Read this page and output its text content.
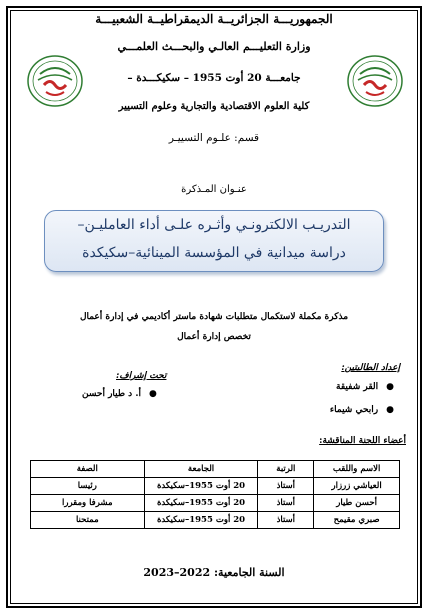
الجمهوريـــة الجزائريــة الديمقراطيــة الشعبيـــة
وزارة التعليـــم العالـي والبحـــث العلمـــي
جامعـــة 20 أوت 1955 – سكيكـــدة –
كلية العلوم الاقتصادية والتجارية وعلوم التسيير
قسم: علـوم التسييـر
عنـوان المـذكرة
التدريـب الالكترونـي وأثـره علـى أداء العامليـن–
دراسة ميدانية في المؤسسة المينائية–سكيكدة
مذكرة مكملة لاستكمال متطلبات شهادة ماستر أكاديمي في إدارة أعمال
تخصص إدارة أعمال
إعداد الطالبتين:
●القر شفيقة
●رابحي شيماء
تحت إشراف:
●أ. د طيار أحسن
أعضاء اللجنة المناقشة:
الاسم واللقب	الرتبة	الجامعة	الصفة
العياشي زرزار	أستاذ	20 أوت 1955–سكيكدة	رئيسا
أحسن طيار	أستاذ	20 أوت 1955–سكيكدة	مشرفا ومقررا
صبري مقيمح	أستاذ	20 أوت 1955–سكيكدة	ممتحنا
السنة الجامعية: 2022–2023
